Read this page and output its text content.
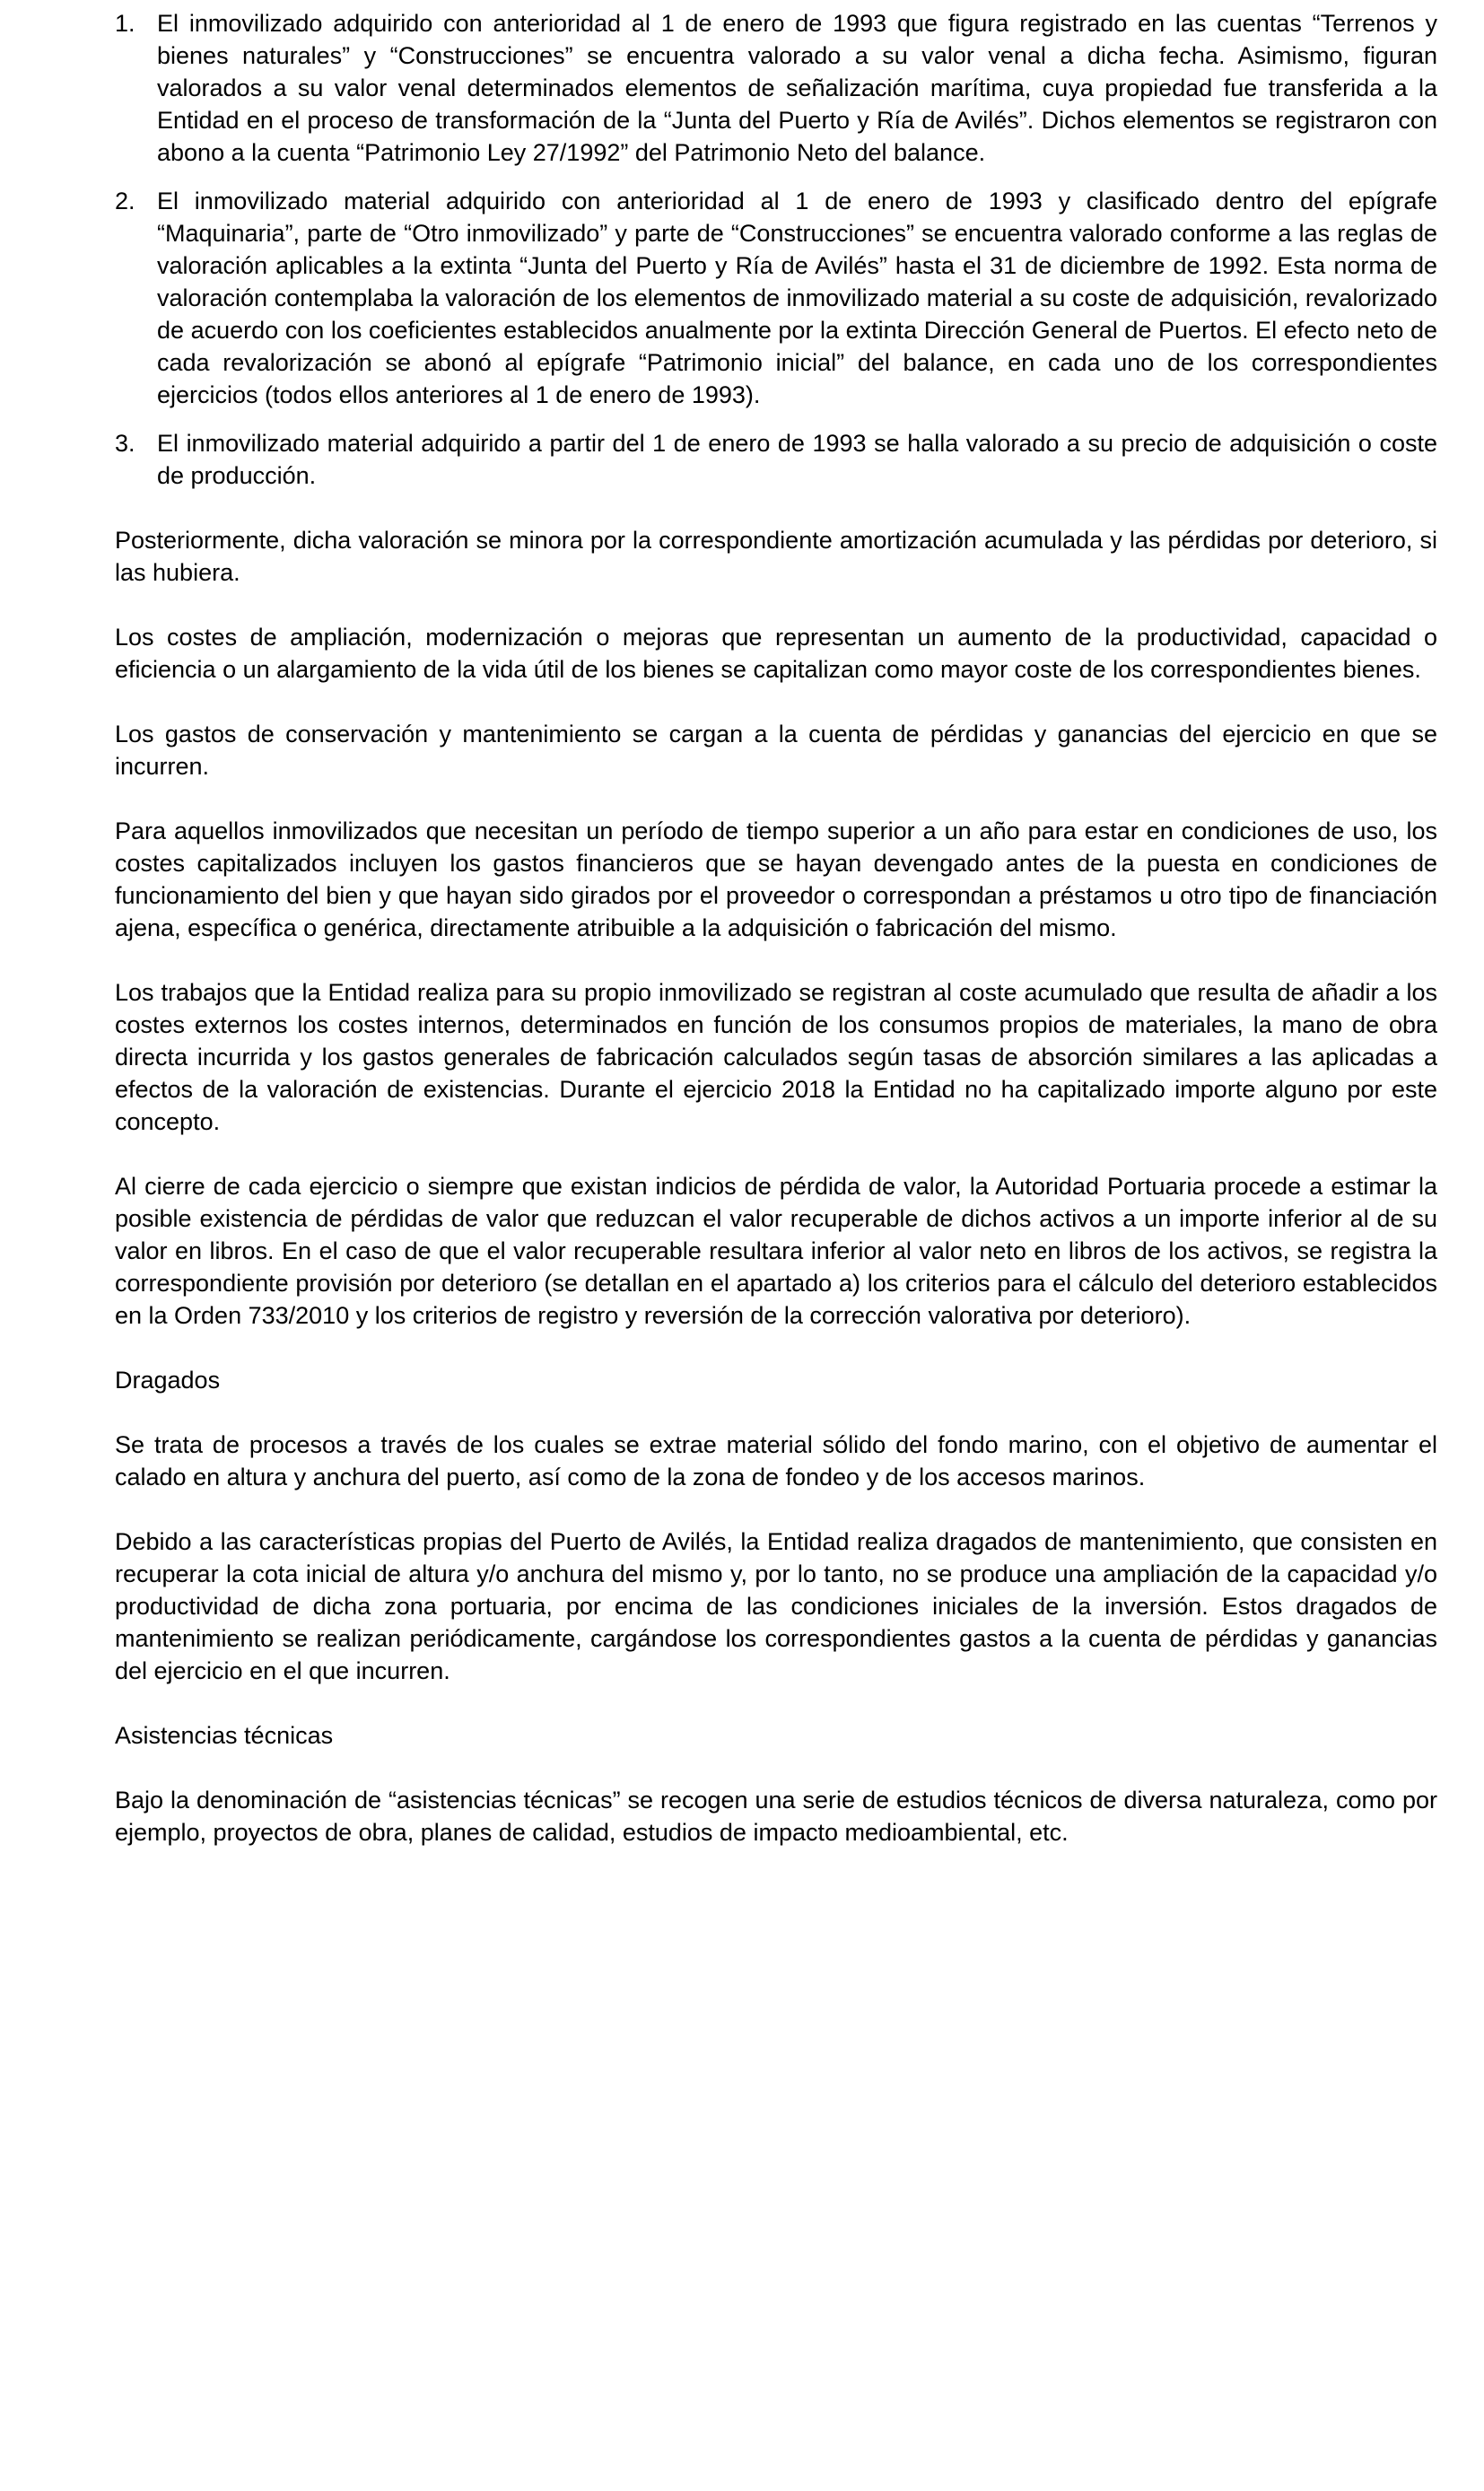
1. El inmovilizado adquirido con anterioridad al 1 de enero de 1993 que figura registrado en las cuentas “Terrenos y bienes naturales” y “Construcciones” se encuentra valorado a su valor venal a dicha fecha. Asimismo, figuran valorados a su valor venal determinados elementos de señalización marítima, cuya propiedad fue transferida a la Entidad en el proceso de transformación de la “Junta del Puerto y Ría de Avilés”. Dichos elementos se registraron con abono a la cuenta “Patrimonio Ley 27/1992” del Patrimonio Neto del balance.
2. El inmovilizado material adquirido con anterioridad al 1 de enero de 1993 y clasificado dentro del epígrafe “Maquinaria”, parte de “Otro inmovilizado” y parte de “Construcciones” se encuentra valorado conforme a las reglas de valoración aplicables a la extinta “Junta del Puerto y Ría de Avilés” hasta el 31 de diciembre de 1992. Esta norma de valoración contemplaba la valoración de los elementos de inmovilizado material a su coste de adquisición, revalorizado de acuerdo con los coeficientes establecidos anualmente por la extinta Dirección General de Puertos. El efecto neto de cada revalorización se abonó al epígrafe “Patrimonio inicial” del balance, en cada uno de los correspondientes ejercicios (todos ellos anteriores al 1 de enero de 1993).
3. El inmovilizado material adquirido a partir del 1 de enero de 1993 se halla valorado a su precio de adquisición o coste de producción.

Posteriormente, dicha valoración se minora por la correspondiente amortización acumulada y las pérdidas por deterioro, si las hubiera.

Los costes de ampliación, modernización o mejoras que representan un aumento de la productividad, capacidad o eficiencia o un alargamiento de la vida útil de los bienes se capitalizan como mayor coste de los correspondientes bienes.

Los gastos de conservación y mantenimiento se cargan a la cuenta de pérdidas y ganancias del ejercicio en que se incurren.

Para aquellos inmovilizados que necesitan un período de tiempo superior a un año para estar en condiciones de uso, los costes capitalizados incluyen los gastos financieros que se hayan devengado antes de la puesta en condiciones de funcionamiento del bien y que hayan sido girados por el proveedor o correspondan a préstamos u otro tipo de financiación ajena, específica o genérica, directamente atribuible a la adquisición o fabricación del mismo.

Los trabajos que la Entidad realiza para su propio inmovilizado se registran al coste acumulado que resulta de añadir a los costes externos los costes internos, determinados en función de los consumos propios de materiales, la mano de obra directa incurrida y los gastos generales de fabricación calculados según tasas de absorción similares a las aplicadas a efectos de la valoración de existencias. Durante el ejercicio 2018 la Entidad no ha capitalizado importe alguno por este concepto.

Al cierre de cada ejercicio o siempre que existan indicios de pérdida de valor, la Autoridad Portuaria procede a estimar la posible existencia de pérdidas de valor que reduzcan el valor recuperable de dichos activos a un importe inferior al de su valor en libros. En el caso de que el valor recuperable resultara inferior al valor neto en libros de los activos, se registra la correspondiente provisión por deterioro (se detallan en el apartado a) los criterios para el cálculo del deterioro establecidos en la Orden 733/2010 y los criterios de registro y reversión de la corrección valorativa por deterioro).

Dragados

Se trata de procesos a través de los cuales se extrae material sólido del fondo marino, con el objetivo de aumentar el calado en altura y anchura del puerto, así como de la zona de fondeo y de los accesos marinos.

Debido a las características propias del Puerto de Avilés, la Entidad realiza dragados de mantenimiento, que consisten en recuperar la cota inicial de altura y/o anchura del mismo y, por lo tanto, no se produce una ampliación de la capacidad y/o productividad de dicha zona portuaria, por encima de las condiciones iniciales de la inversión. Estos dragados de mantenimiento se realizan periódicamente, cargándose los correspondientes gastos a la cuenta de pérdidas y ganancias del ejercicio en el que incurren.

Asistencias técnicas

Bajo la denominación de “asistencias técnicas” se recogen una serie de estudios técnicos de diversa naturaleza, como por ejemplo, proyectos de obra, planes de calidad, estudios de impacto medioambiental, etc.
